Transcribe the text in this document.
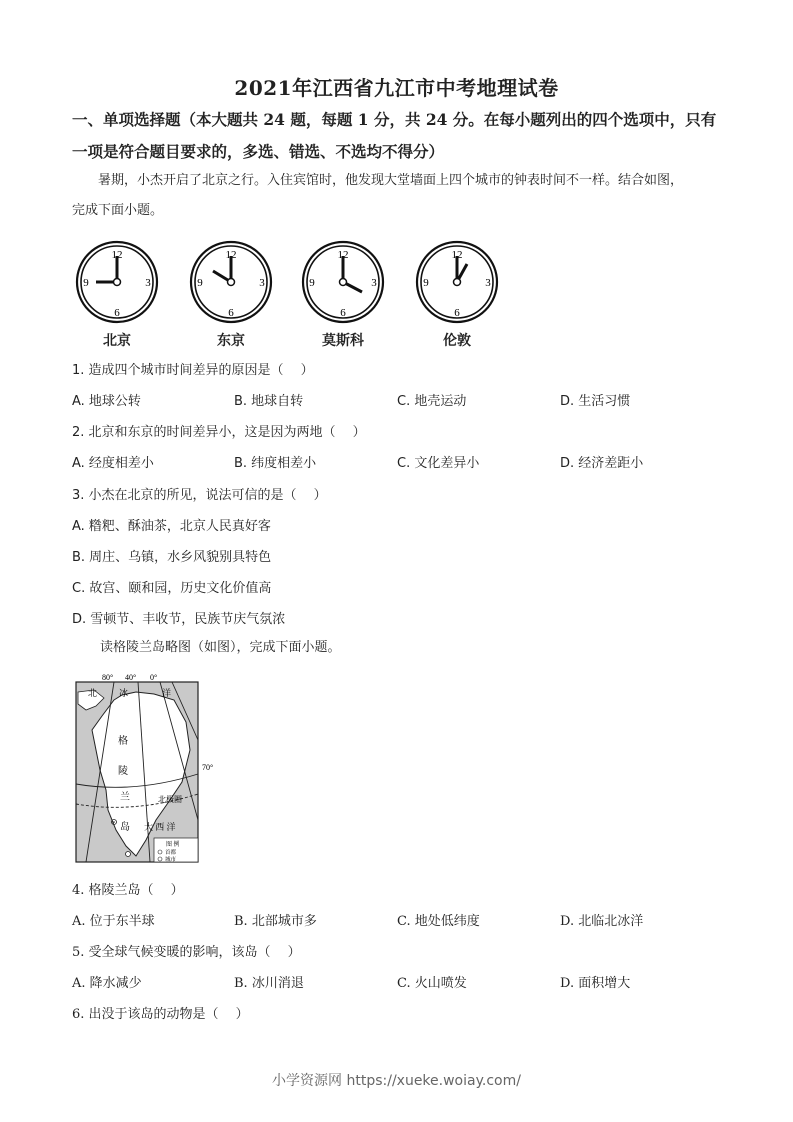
2021年江西省九江市中考地理试卷
一、单项选择题（本大题共 24 题，每题 1 分，共 24 分。在每小题列出的四个选项中，只有
一项是符合题目要求的，多选、错选、不选均不得分）
暑期，小杰开启了北京之行。入住宾馆时，他发现大堂墙面上四个城市的钟表时间不一样。结合如图，
完成下面小题。
12
3
6
9
北京
12
3
6
9
东京
12
3
6
9
莫斯科
12
3
6
9
伦敦
1. 造成四个城市时间差异的原因是（　 ）
A. 地球公转	B. 地球自转	C. 地壳运动	D. 生活习惯
2. 北京和东京的时间差异小，这是因为两地（　 ）
A. 经度相差小	B. 纬度相差小	C. 文化差异小	D. 经济差距小
3. 小杰在北京的所见，说法可信的是（　 ）
A. 糌粑、酥油茶，北京人民真好客
B. 周庄、乌镇，水乡风貌别具特色
C. 故宫、颐和园，历史文化价值高
D. 雪顿节、丰收节，民族节庆气氛浓
读格陵兰岛略图（如图），完成下面小题。
80° 40° 0°
70°
北 冰	洋
格
陵
兰
岛
北极圈
大 西 洋
图 例
首都
城市
4. 格陵兰岛（　 ）
A. 位于东半球	B. 北部城市多	C. 地处低纬度	D. 北临北冰洋
5. 受全球气候变暖的影响，该岛（　 ）
A. 降水减少	B. 冰川消退	C. 火山喷发	D. 面积增大
6. 出没于该岛的动物是（　 ）
小学资源网 https://xueke.woiay.com/
